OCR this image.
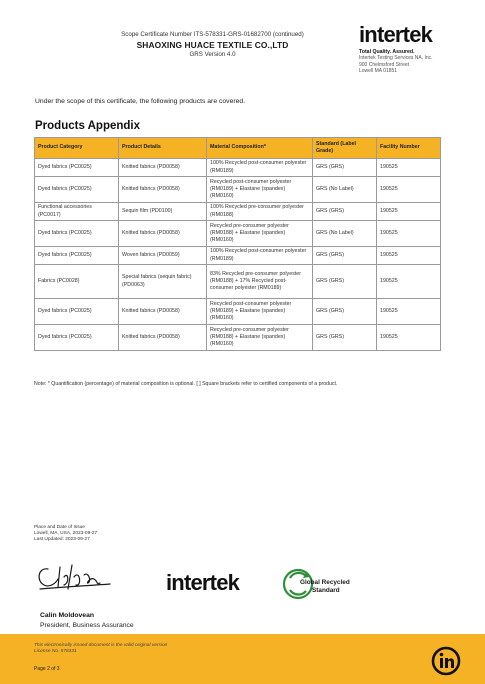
Scope Certificate Number ITS-578331-GRS-01682700 (continued)
SHAOXING HUACE TEXTILE CO.,LTD
GRS Version 4.0
intertek
Total Quality. Assured.
Intertek Testing Services NA, Inc.
900 Chelmsford Street
Lowell MA 01851
Under the scope of this certificate, the following products are covered.
Products Appendix
Product Category	Product Details	Material Composition*	Standard (Label Grade)	Facility Number
Dyed fabrics (PC0025)	Knitted fabrics (PD0058)	100% Recycled post-consumer polyester (RM0189)	GRS (GRS)	190525
Dyed fabrics (PC0025)	Knitted fabrics (PD0058)	Recycled post-consumer polyester (RM0189) + Elastane (spandex) (RM0160)	GRS (No Label)	190525
Functional accessories (PC0017)	Sequin film (PD0100)	100% Recycled pre-consumer polyester (RM0188)	GRS (GRS)	190525
Dyed fabrics (PC0025)	Knitted fabrics (PD0058)	Recycled pre-consumer polyester (RM0188) + Elastane (spandex) (RM0160)	GRS (No Label)	190525
Dyed fabrics (PC0025)	Woven fabrics (PD0059)	100% Recycled post-consumer polyester (RM0189)	GRS (GRS)	190525
Fabrics (PC0028)	Special fabrics (sequin fabric) (PD0063)	83% Recycled pre-consumer polyester (RM0188) + 17% Recycled post-consumer polyester (RM0189)	GRS (GRS)	190525
Dyed fabrics (PC0025)	Knitted fabrics (PD0058)	Recycled post-consumer polyester (RM0189) + Elastane (spandex) (RM0160)	GRS (GRS)	190525
Dyed fabrics (PC0025)	Knitted fabrics (PD0058)	Recycled pre-consumer polyester (RM0188) + Elastane (spandex) (RM0160)	GRS (GRS)	190525
Note: * Quantification (percentage) of material composition is optional. [ ] Square brackets refer to certified components of a product.
Place and Date of Issue
Lowell, MA, USA, 2023-09-27
Last Updated: 2023-09-27
intertek	Global Recycled
Standard
Calin Moldovean
President, Business Assurance
This electronically issued document is the valid original version
License No. 578331
Page 2 of 3
